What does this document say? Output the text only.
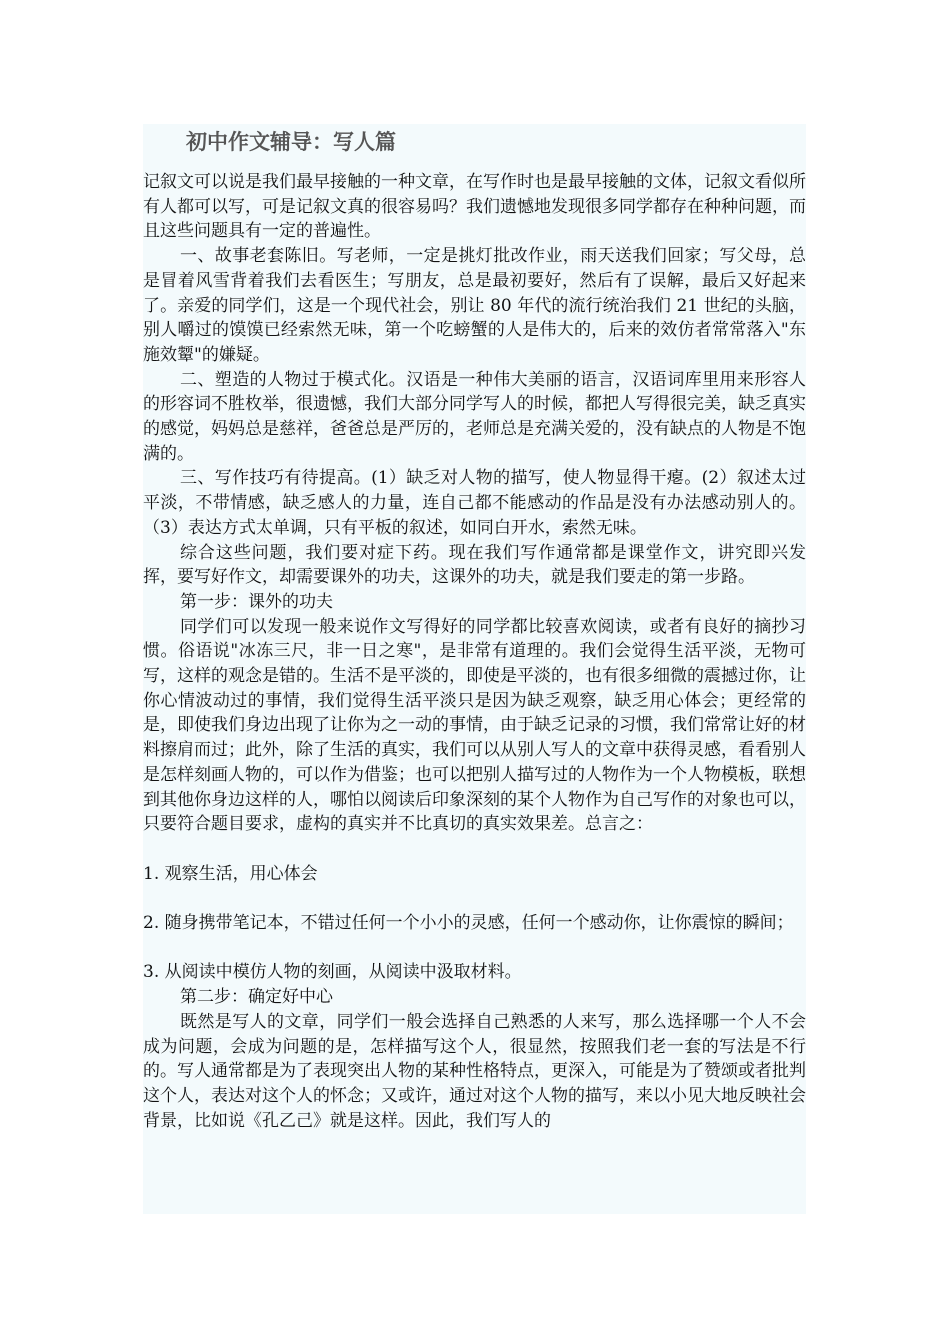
初中作文辅导：写人篇

记叙文可以说是我们最早接触的一种文章，在写作时也是最早接触的文体，记叙文看似所有人都可以写，可是记叙文真的很容易吗？我们遗憾地发现很多同学都存在种种问题，而且这些问题具有一定的普遍性。

一、故事老套陈旧。写老师，一定是挑灯批改作业，雨天送我们回家；写父母，总是冒着风雪背着我们去看医生；写朋友，总是最初要好，然后有了误解，最后又好起来了。亲爱的同学们，这是一个现代社会，别让 80 年代的流行统治我们 21 世纪的头脑，别人嚼过的馍馍已经索然无味，第一个吃螃蟹的人是伟大的，后来的效仿者常常落入"东施效颦"的嫌疑。

二、塑造的人物过于模式化。汉语是一种伟大美丽的语言，汉语词库里用来形容人的形容词不胜枚举，很遗憾，我们大部分同学写人的时候，都把人写得很完美，缺乏真实的感觉，妈妈总是慈祥，爸爸总是严厉的，老师总是充满关爱的，没有缺点的人物是不饱满的。

三、写作技巧有待提高。(1）缺乏对人物的描写，使人物显得干瘪。(2）叙述太过平淡，不带情感，缺乏感人的力量，连自己都不能感动的作品是没有办法感动别人的。（3）表达方式太单调，只有平板的叙述，如同白开水，索然无味。

综合这些问题，我们要对症下药。现在我们写作通常都是课堂作文，讲究即兴发挥，要写好作文，却需要课外的功夫，这课外的功夫，就是我们要走的第一步路。

第一步：课外的功夫

同学们可以发现一般来说作文写得好的同学都比较喜欢阅读，或者有良好的摘抄习惯。俗语说"冰冻三尺，非一日之寒"，是非常有道理的。我们会觉得生活平淡，无物可写，这样的观念是错的。生活不是平淡的，即使是平淡的，也有很多细微的震撼过你，让你心情波动过的事情，我们觉得生活平淡只是因为缺乏观察，缺乏用心体会；更经常的是，即使我们身边出现了让你为之一动的事情，由于缺乏记录的习惯，我们常常让好的材料擦肩而过；此外，除了生活的真实，我们可以从别人写人的文章中获得灵感，看看别人是怎样刻画人物的，可以作为借鉴；也可以把别人描写过的人物作为一个人物模板，联想到其他你身边这样的人，哪怕以阅读后印象深刻的某个人物作为自己写作的对象也可以，只要符合题目要求，虚构的真实并不比真切的真实效果差。总言之：

1. 观察生活，用心体会

2. 随身携带笔记本，不错过任何一个小小的灵感，任何一个感动你，让你震惊的瞬间；

3. 从阅读中模仿人物的刻画，从阅读中汲取材料。

第二步：确定好中心

既然是写人的文章，同学们一般会选择自己熟悉的人来写，那么选择哪一个人不会成为问题，会成为问题的是，怎样描写这个人，很显然，按照我们老一套的写法是不行的。写人通常都是为了表现突出人物的某种性格特点，更深入，可能是为了赞颂或者批判这个人，表达对这个人的怀念；又或许，通过对这个人物的描写，来以小见大地反映社会背景，比如说《孔乙己》就是这样。因此，我们写人的
